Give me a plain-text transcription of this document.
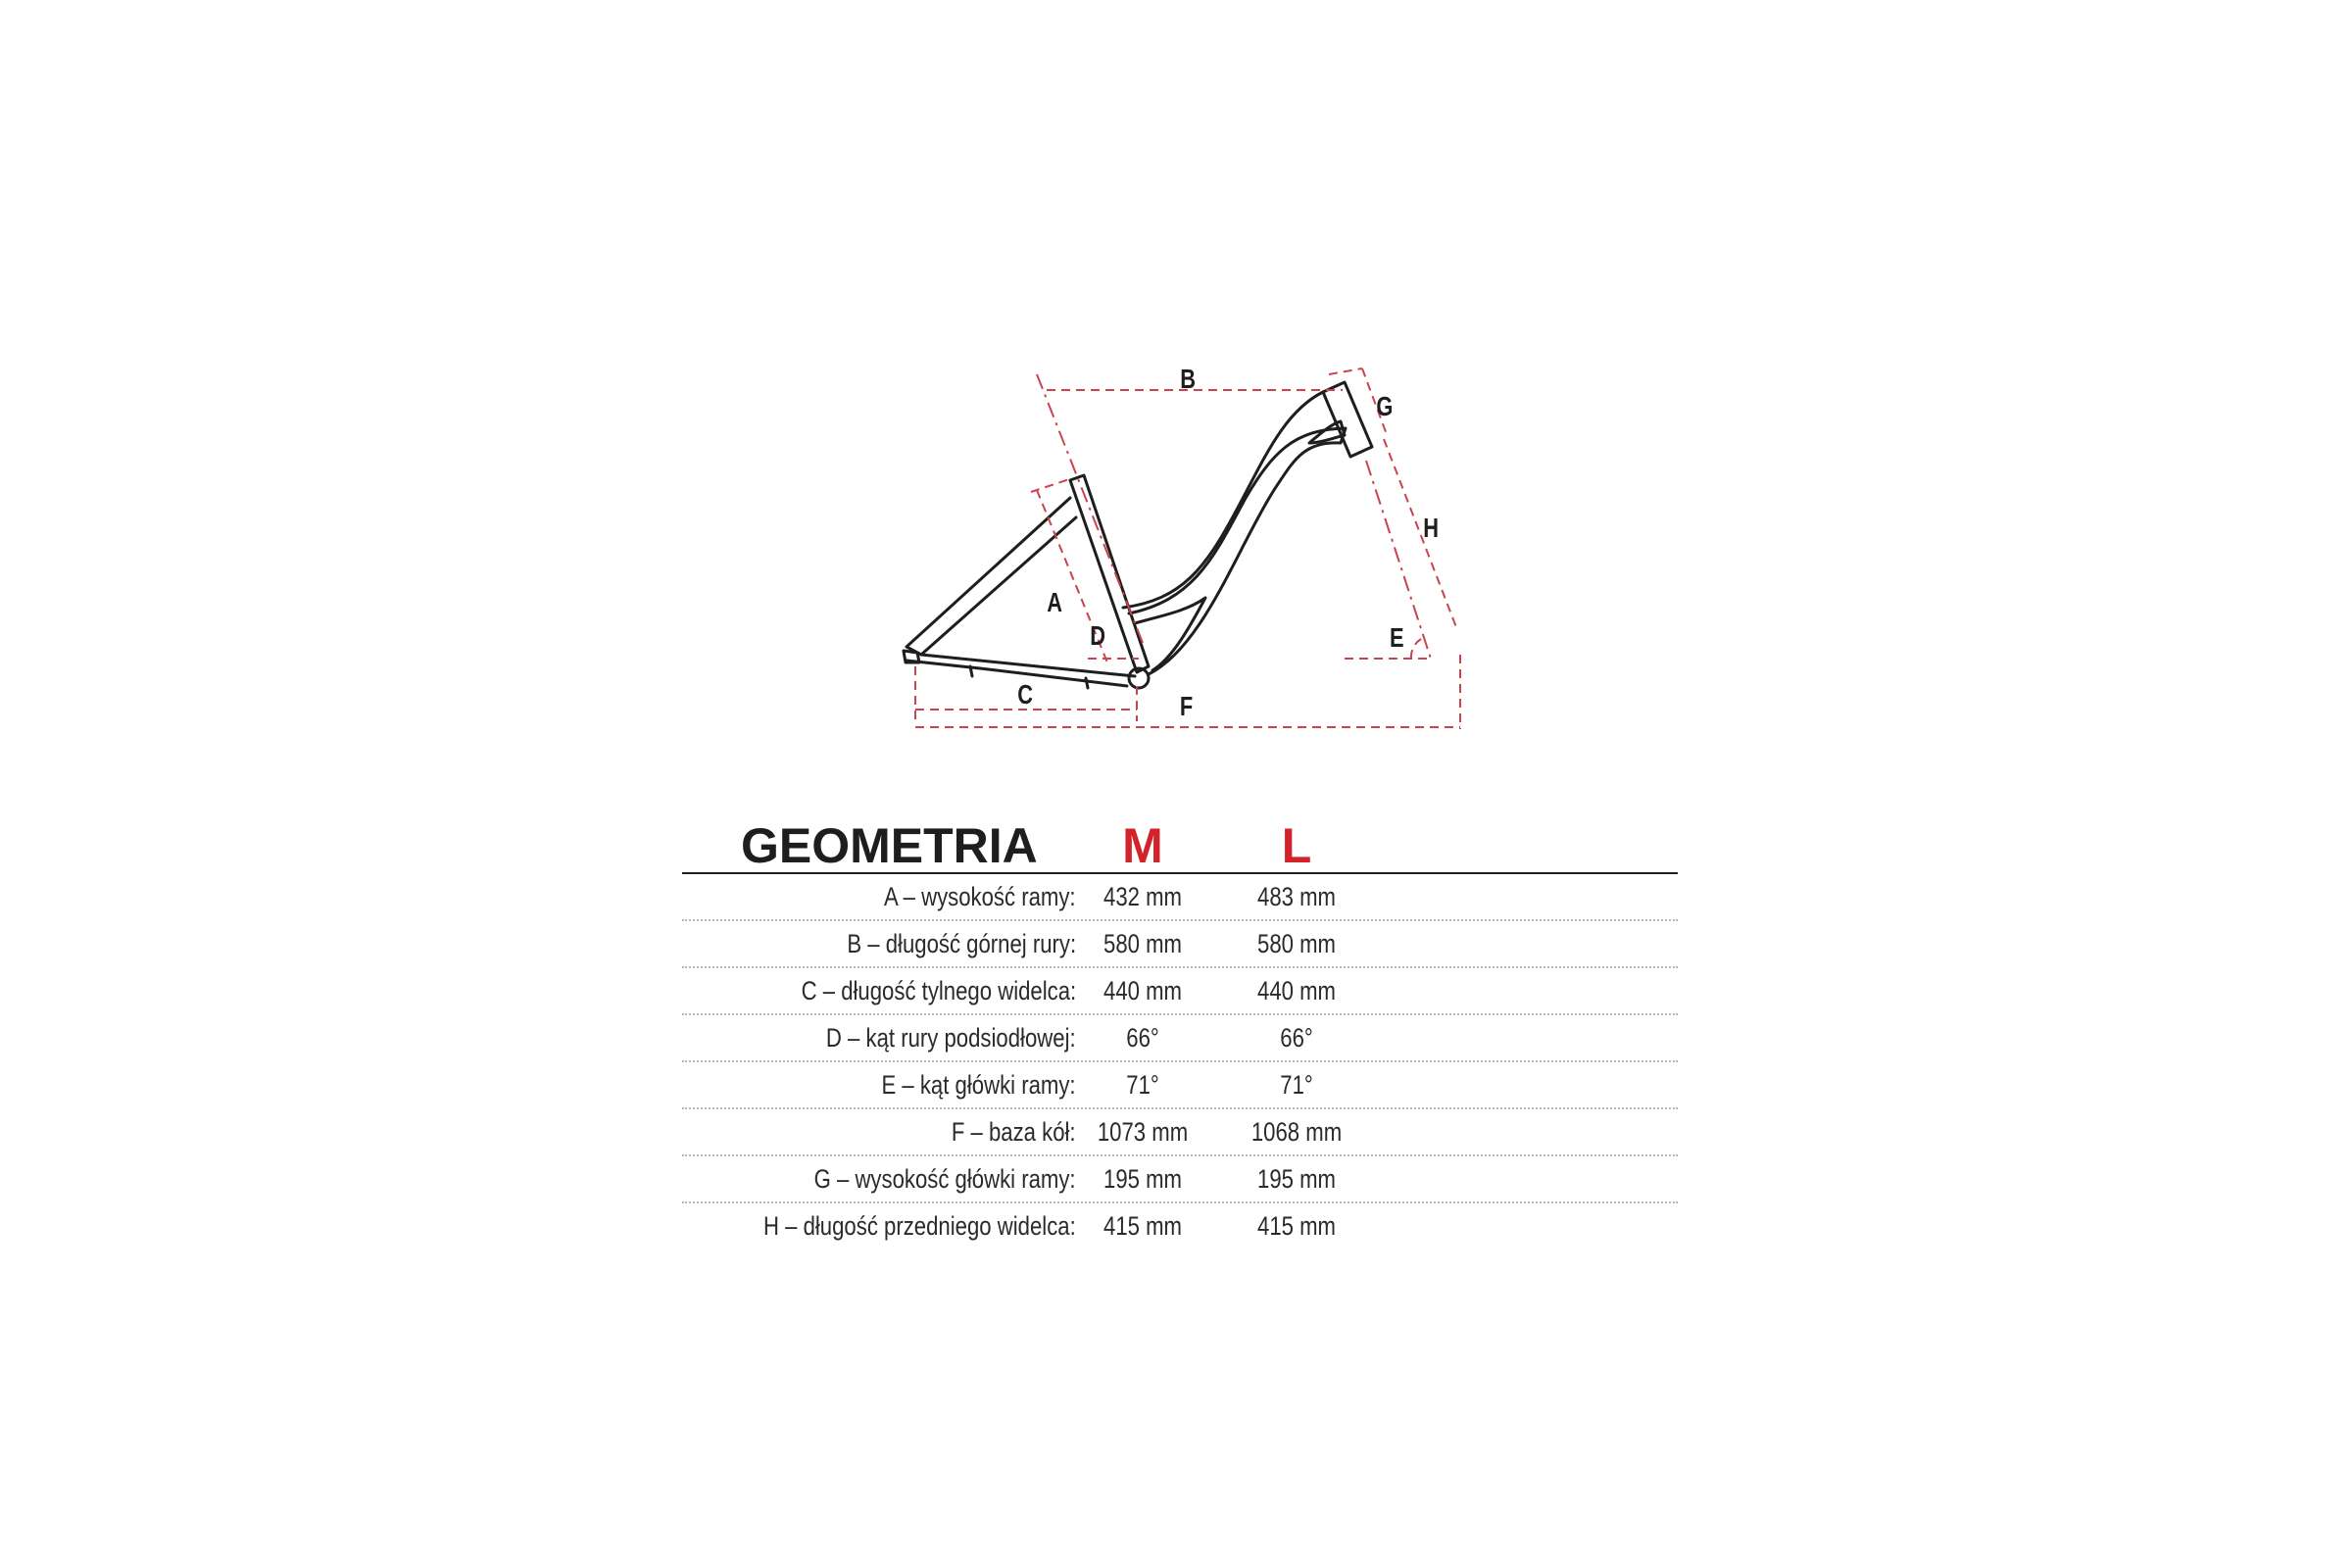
B
G
H
E
A
D
C	F
GEOMETRIA	M	L
A – wysokość ramy:	432 mm	483 mm
B – długość górnej rury:	580 mm	580 mm
C – długość tylnego widelca:	440 mm	440 mm
D – kąt rury podsiodłowej:	66°	66°
E – kąt główki ramy:	71°	71°
F – baza kół: 1073 mm	1068 mm
G – wysokość główki ramy:	195 mm	195 mm
H – długość przedniego widelca:	415 mm	415 mm
